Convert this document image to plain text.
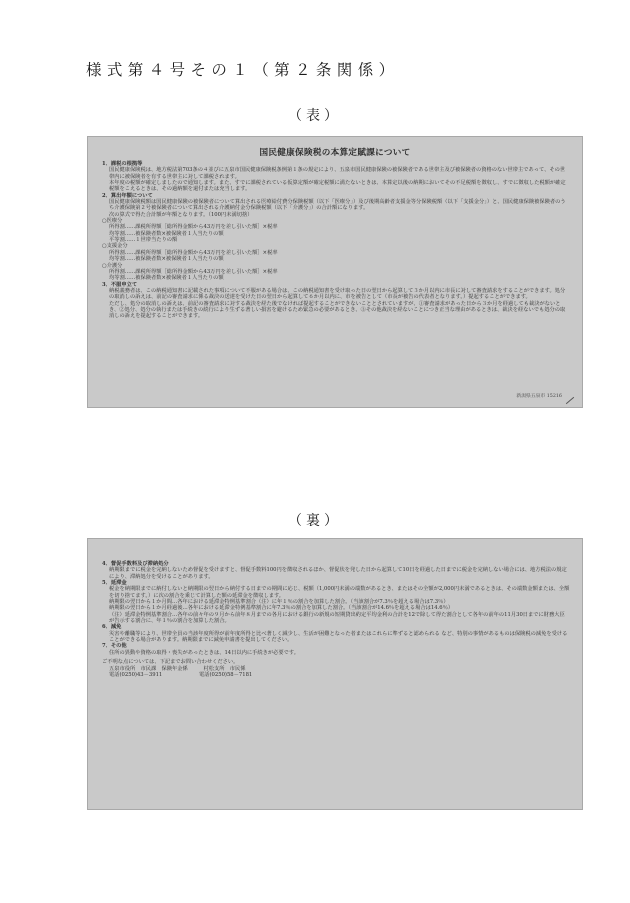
様式第４号その１（第２条関係）
（表）
国民健康保険税の本算定賦課について
1．課税の根拠等
国民健康保険税は、地方税法第703条の４並びに五泉市国民健康保険税条例第１条の規定により、五泉市国民健康保険の被保険者である世帯主及び被保険者の資格のない世帯主であって、その世帯内に被保険者を有する世帯主に対して課税されます。
本年度の税額が確定しましたので通知します。また、すでに課税されている仮算定額が確定税額に満たないときは、本算定以後の納期においてその不足税額を徴収し、すでに徴収した税額が確定税額をこえるときは、その過納額を還付または充当します。
2．算出年額について
国民健康保険税額は国民健康保険の被保険者について算出される医療給付費分保険税額（以下「医療分」）及び後期高齢者支援金等分保険税額（以下「支援金分」）と、国民健康保険被保険者のうち介護保険第２号被保険者について算出される介護納付金分保険税額（以下「介護分」）の合計額になります。
次の算式で得た合計額が年額となります。（100円未満切捨）
○医療分
所得割……課税所得額［総所得金額から43万円を差し引いた額］×税率
均等割……被保険者数×被保険者１人当たりの額
平等割……１世帯当たりの額
○支援金分
所得割……課税所得額［総所得金額から43万円を差し引いた額］×税率
均等割……被保険者数×被保険者１人当たりの額
○介護分
所得割……課税所得額［総所得金額から43万円を差し引いた額］×税率
均等割……被保険者数×被保険者１人当たりの額
3．不服申立て
納税義務者は、この納税通知書に記載された事項について不服がある場合は、この納税通知書を受け取った日の翌日から起算して３か月以内に市長に対して審査請求をすることができます。処分の取消しの訴えは、前記の審査請求に係る裁決の送達を受けた日の翌日から起算して６か月以内に、市を被告として（市長が被告の代表者となります。）提起することができます。
ただし、処分の取消しの訴えは、前記の審査請求に対する裁決を経た後でなければ提起することができないこととされていますが、①審査請求があった日から３か月を経過しても裁決がないとき、②処分、処分の執行または手続きの続行により生ずる著しい損害を避けるため緊急の必要があるとき、③その他裁決を経ないことにつき正当な理由があるときは、裁決を経ないでも処分の取消しの訴えを提起することができます。
新潟県五泉市 15216
（裏）
4．督促手数料及び滞納処分
納期限までに税金を完納しないため督促を受けますと、督促手数料100円を徴収されるほか、督促状を発した日から起算して10日を経過した日までに税金を完納しない場合には、地方税法の規定により、滞納処分を受けることがあります。
5．延滞金
税金を納期限までに納付しないと納期限の翌日から納付する日までの期間に応じ、税額（1,000円未満の端数があるとき、またはその全額が2,000円未満であるときは、その端数金額または、全額を切り捨てます。）に次の割合を乗じて計算した額の延滞金を徴収します。
納期限の翌日から１か月間…各年における延滞金特例基準割合（注）に年１％の割合を加算した割合。（当該割合が7.3％を超える場合は7.3％）
納期限の翌日から１か月経過後…各年における延滞金特例基準割合に年7.3％の割合を加算した割合。（当該割合が14.6％を超える場合は14.6％）
（注）延滞金特例基準割合…各年の前々年の９月から前年８月までの各月における銀行の新規の短期貸出約定平均金利の合計を12で除して得た割合として各年の前年の11月30日までに財務大臣が告示する割合に、年１％の割合を加算した割合。
6．減免
災害や離職等により、世帯全員の当該年度所得が前年度所得と比べ著しく減少し、生活が困難となった者またはこれらに準ずると認められる など、特別の事情があるものは保険税の減免を受けることができる場合があります。納期限までに減免申請書を提出してください。
7．その他
住所の異動や資格の取得・喪失があったときは、14日以内に手続きが必要です。
ご不明な点については、下記までお問い合わせください。
五泉市役所　市民課　保険年金係　　　村松支所　市民係
電話(0250)43－3911　　　　　　　電話(0250)58－7181
